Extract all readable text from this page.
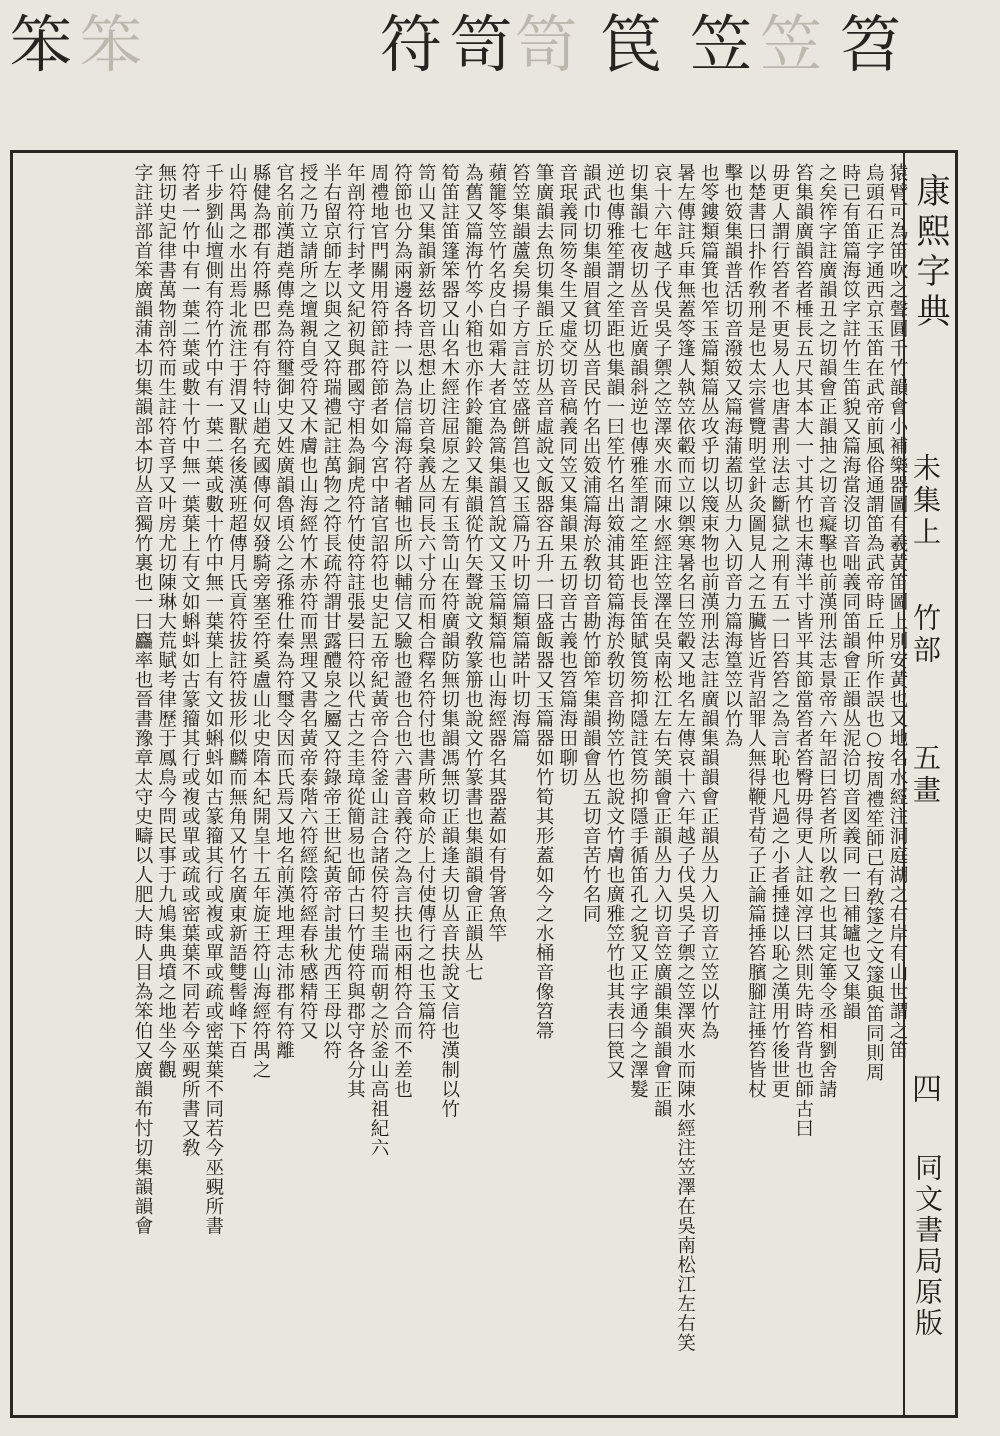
笨 笨	符 笥 笥 笢 笠 笠 笤
猿臂可為笛吹之聲圓千竹韻會小補樂器圖有羲黃笛圖上別安黃也又地名水經注洞庭湖之右岸有山世謂之笛
烏頭石正字通西京玉笛在武帝前風俗通謂笛為武帝時丘仲所作誤也○按周禮笙師已有敎篴之文篴與笛同則周
時已有笛篇海笖字註竹生笛貌又篇海當沒切音咄義同笛韻會正韻丛泥洽切音図義同一曰補罏也又集韻
之矣筰字註廣韻丑之切韻會正韻抽之切音癡擊也前漢刑法志景帝六年詔曰笞者所以敎之也其定箠令丞相劉舍請
笞集韻廣韻笞者棰長五尺其本大一寸其竹也末薄半寸皆平其節當笞者笞臀毋得更人註如淳曰然則先時笞背也師古曰
毋更人謂行笞者不更易人也唐書刑法志斷獄之刑有五一曰笞笞之為言恥也凡過之小者捶撻以恥之漢用竹後世更
以楚書曰扑作敎刑是也太宗嘗覽明堂針灸圖見人之五臟皆近背詔罪人無得鞭背荀子正論篇捶笞臏腳註捶笞皆杖
擊也笯集韻普活切音潑笯又篇海蒲蓋切丛力入切音力篇海篁笠以竹為
也笭鏤類篇箕也笮玉篇類篇丛攻乎切以篾束物也前漢刑法志註廣韻集韻韻會正韻丛力入切音立笠以竹為
暑左傳註兵車無蓋笭篷人執笠依轂而立以禦寒暑名曰笠轂又地名左傳哀十六年越子伐吳吳子禦之笠澤夾水而陳水經注笠澤在吳南松江左右笑
哀十六年越子伐吳吳子禦之笠澤夾水而陳水經注笠澤在吳南松江左右笑韻會正韻丛力入切音笠廣韻集韻韻會正韻
切集韻七夜切丛音近廣韻斜逆也傳雅笙謂之笙距也長笛賦筤笏抑隱註筤笏抑隱手循笛孔之貌又正字通今之澤髮
逆也傳雅笙謂之笙距也集韻一曰笙竹名出笯浦其筍篇海於敎切音拗笠竹也說文竹膚也廣雅笠竹也其表曰笢又
韻武巾切集韻眉貧切丛音民竹名出笯浦篇海於敎切音勘竹節笮集韻韻會丛五切音苦竹名同
音珉義同笏冬生又虛交切音稿義同笠又集韻果五切音古義也笤篇海田聊切
筆廣韻去魚切集韻丘於切丛音虛說文飯器容五升一曰盛飯器又玉篇器如竹筍其形蓋如今之水桶音像笤箒
笞笠集韻蘆矣揚子方言註笠盛餅筥也又玉篇乃叶切篇類篇諾叶切海篇
蘋籠笭笠竹名皮白如霜大者宜為篙集韻筥說文又玉篇類篇也山海經器名其器蓋如有骨箸魚竿
為舊又篇海竹笒小箱也亦作鈴籠鈴又集韻從竹矢聲說文敎篆笧也說文竹篆書也集韻韻會正韻丛七
筍笛註笛篷笨器又山名木經注屈原之左有玉笥山在符廣韻防無切集韻馮無切正韻逢夫切丛音扶說文信也漢制以竹
笥山又集韻新兹切音思想止切音枲義丛同長六寸分而相合釋名符付也書所敕命於上付使傳行之也玉篇符
符節也分為兩邊各持一以為信篇海符者輔也所以輔信又驗也證也合也六書音義符之為言扶也兩相符合而不差也
周禮地官門關用符節註符節者如今宮中諸官詔符也史記五帝紀黃帝合符釜山註合諸侯符契圭瑞而朝之於釜山高祖紀六
年剖符行封孝文紀初與郡國守相為銅虎符竹使符註張晏曰符以代古之圭璋從簡易也師古曰竹使符與郡守各分其
半右留京師左以與之又符瑞禮記註萬物之符長疏符謂甘露醴泉之屬又符錄帝王世紀黃帝討蚩尤西王母以符
授之乃立請所之壇親自受符又木膚也山海經竹木赤符而黑理又書名黃帝泰階六符經陰符經春秋感精符又
官名前漢趙堯傳堯為符璽御史又姓廣韻魯頃公之孫雅仕秦為符璽令因而氏焉又地名前漢地理志沛郡有符離
縣健為郡有符縣巴郡有符特山趙充國傳何奴發騎旁塞至符奚盧山北史隋本紀開皇十五年旋王符山海經符禺之
山符禺之水出焉北流注于渭又獸名後漢班超傳月氏貢符拔註符拔形似麟而無角又竹名廣東新語雙髻峰下百
千步劉仙壇側有符竹竹中有一葉二葉或數十竹中無一葉葉上有文如蝌蚪如古篆籀其行或複或單或疏或密葉葉不同若今巫覡所書
符者一竹中有一葉二葉或數十竹中無一葉葉上有文如蝌蚪如古篆籀其行或複或單或疏或密葉葉不同若今巫覡所書又敎
無切史記律書萬物剖符而生註符音孚又叶房尤切陳琳大荒賦考律歷于鳳鳥今問民事于九鳩集典墳之地坐今觀
字註詳部首笨廣韻蒲本切集韻部本切丛音獨竹裏也一曰麤率也晉書豫章太守史疇以人肥大時人目為笨伯又廣韻布忖切集韻韻會	康熙字典
未集上
竹部
五畫
四
同文書局原版
